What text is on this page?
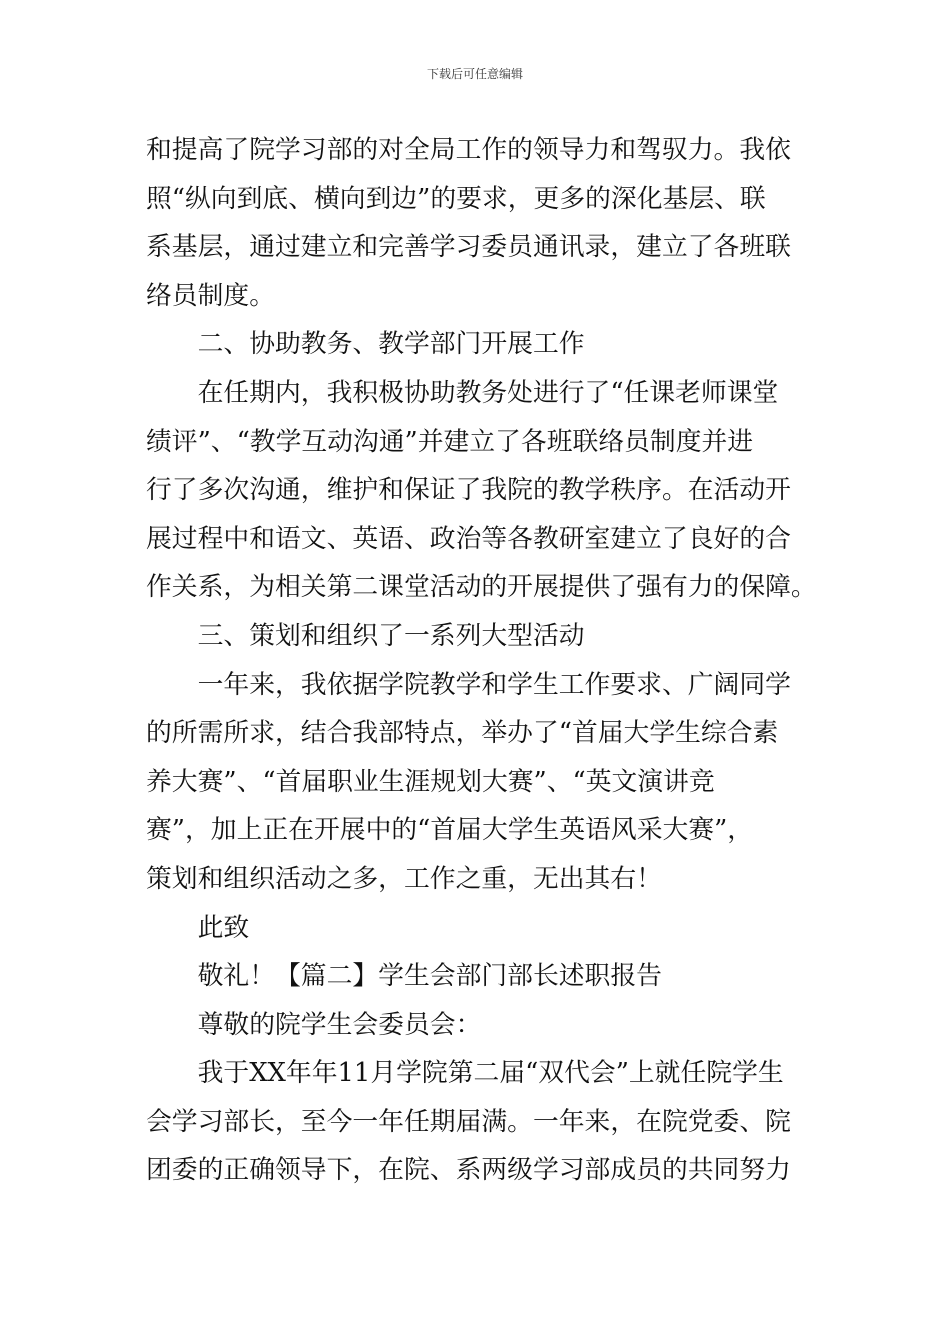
下载后可任意编辑
和提高了院学习部的对全局工作的领导力和驾驭力。我依
照“纵向到底、横向到边”的要求，更多的深化基层、联
系基层，通过建立和完善学习委员通讯录，建立了各班联
络员制度。
二、协助教务、教学部门开展工作
在任期内，我积极协助教务处进行了“任课老师课堂
绩评”、“教学互动沟通”并建立了各班联络员制度并进
行了多次沟通，维护和保证了我院的教学秩序。在活动开
展过程中和语文、英语、政治等各教研室建立了良好的合
作关系，为相关第二课堂活动的开展提供了强有力的保障。
三、策划和组织了一系列大型活动
一年来，我依据学院教学和学生工作要求、广阔同学
的所需所求，结合我部特点，举办了“首届大学生综合素
养大赛”、“首届职业生涯规划大赛”、“英文演讲竞
赛”，加上正在开展中的“首届大学生英语风采大赛”，
策划和组织活动之多，工作之重，无出其右！
此致
敬礼！【篇二】学生会部门部长述职报告
尊敬的院学生会委员会：
我于XX年年11月学院第二届“双代会”上就任院学生
会学习部长，至今一年任期届满。一年来，在院党委、院
团委的正确领导下，在院、系两级学习部成员的共同努力
